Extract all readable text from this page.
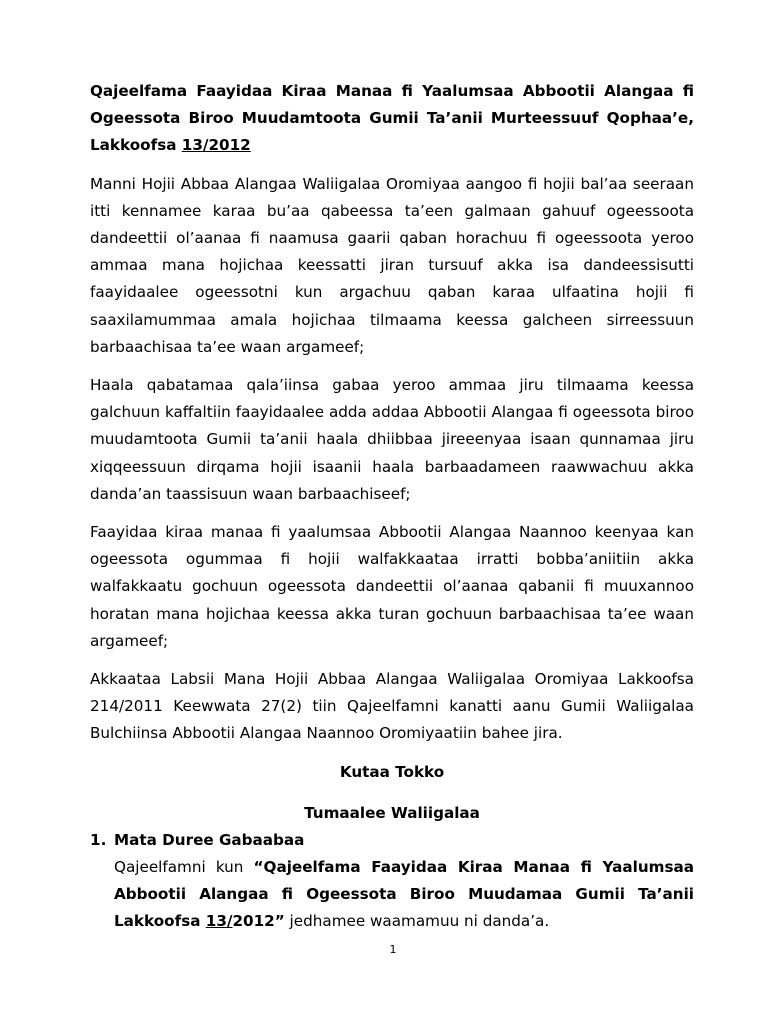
Qajeelfama Faayidaa Kiraa Manaa fi Yaalumsaa Abbootii Alangaa fi Ogeessota Biroo Muudamtoota Gumii Ta’anii Murteessuuf Qophaa’e, Lakkoofsa 13/2012

Manni Hojii Abbaa Alangaa Waliigalaa Oromiyaa aangoo fi hojii bal’aa seeraan itti kennamee karaa bu’aa qabeessa ta’een galmaan gahuuf ogeessoota dandeettii ol’aanaa fi naamusa gaarii qaban horachuu fi ogeessoota yeroo ammaa mana hojichaa keessatti jiran tursuuf akka isa dandeessisutti faayidaalee ogeessotni kun argachuu qaban karaa ulfaatina hojii fi saaxilamummaa amala hojichaa tilmaama keessa galcheen sirreessuun barbaachisaa ta’ee waan argameef;

Haala qabatamaa qala’iinsa gabaa yeroo ammaa jiru tilmaama keessa galchuun kaffaltiin faayidaalee adda addaa Abbootii Alangaa fi ogeessota biroo muudamtoota Gumii ta’anii haala dhiibbaa jireeenyaa isaan qunnamaa jiru xiqqeessuun dirqama hojii isaanii haala barbaadameen raawwachuu akka danda’an taassisuun waan barbaachiseef;

Faayidaa kiraa manaa fi yaalumsaa Abbootii Alangaa Naannoo keenyaa kan ogeessota ogummaa fi hojii walfakkaataa irratti bobba’aniitiin akka walfakkaatu gochuun ogeessota dandeettii ol’aanaa qabanii fi muuxannoo horatan mana hojichaa keessa akka turan gochuun barbaachisaa ta’ee waan argameef;

Akkaataa Labsii Mana Hojii Abbaa Alangaa Waliigalaa Oromiyaa Lakkoofsa 214/2011 Keewwata 27(2) tiin Qajeelfamni kanatti aanu Gumii Waliigalaa Bulchiinsa Abbootii Alangaa Naannoo Oromiyaatiin bahee jira.

Kutaa Tokko
Tumaalee Waliigalaa
1. Mata Duree Gabaabaa
Qajeelfamni kun “Qajeelfama Faayidaa Kiraa Manaa fi Yaalumsaa Abbootii Alangaa fi Ogeessota Biroo Muudamaa Gumii Ta’anii Lakkoofsa 13/2012” jedhamee waamamuu ni danda’a.
1
